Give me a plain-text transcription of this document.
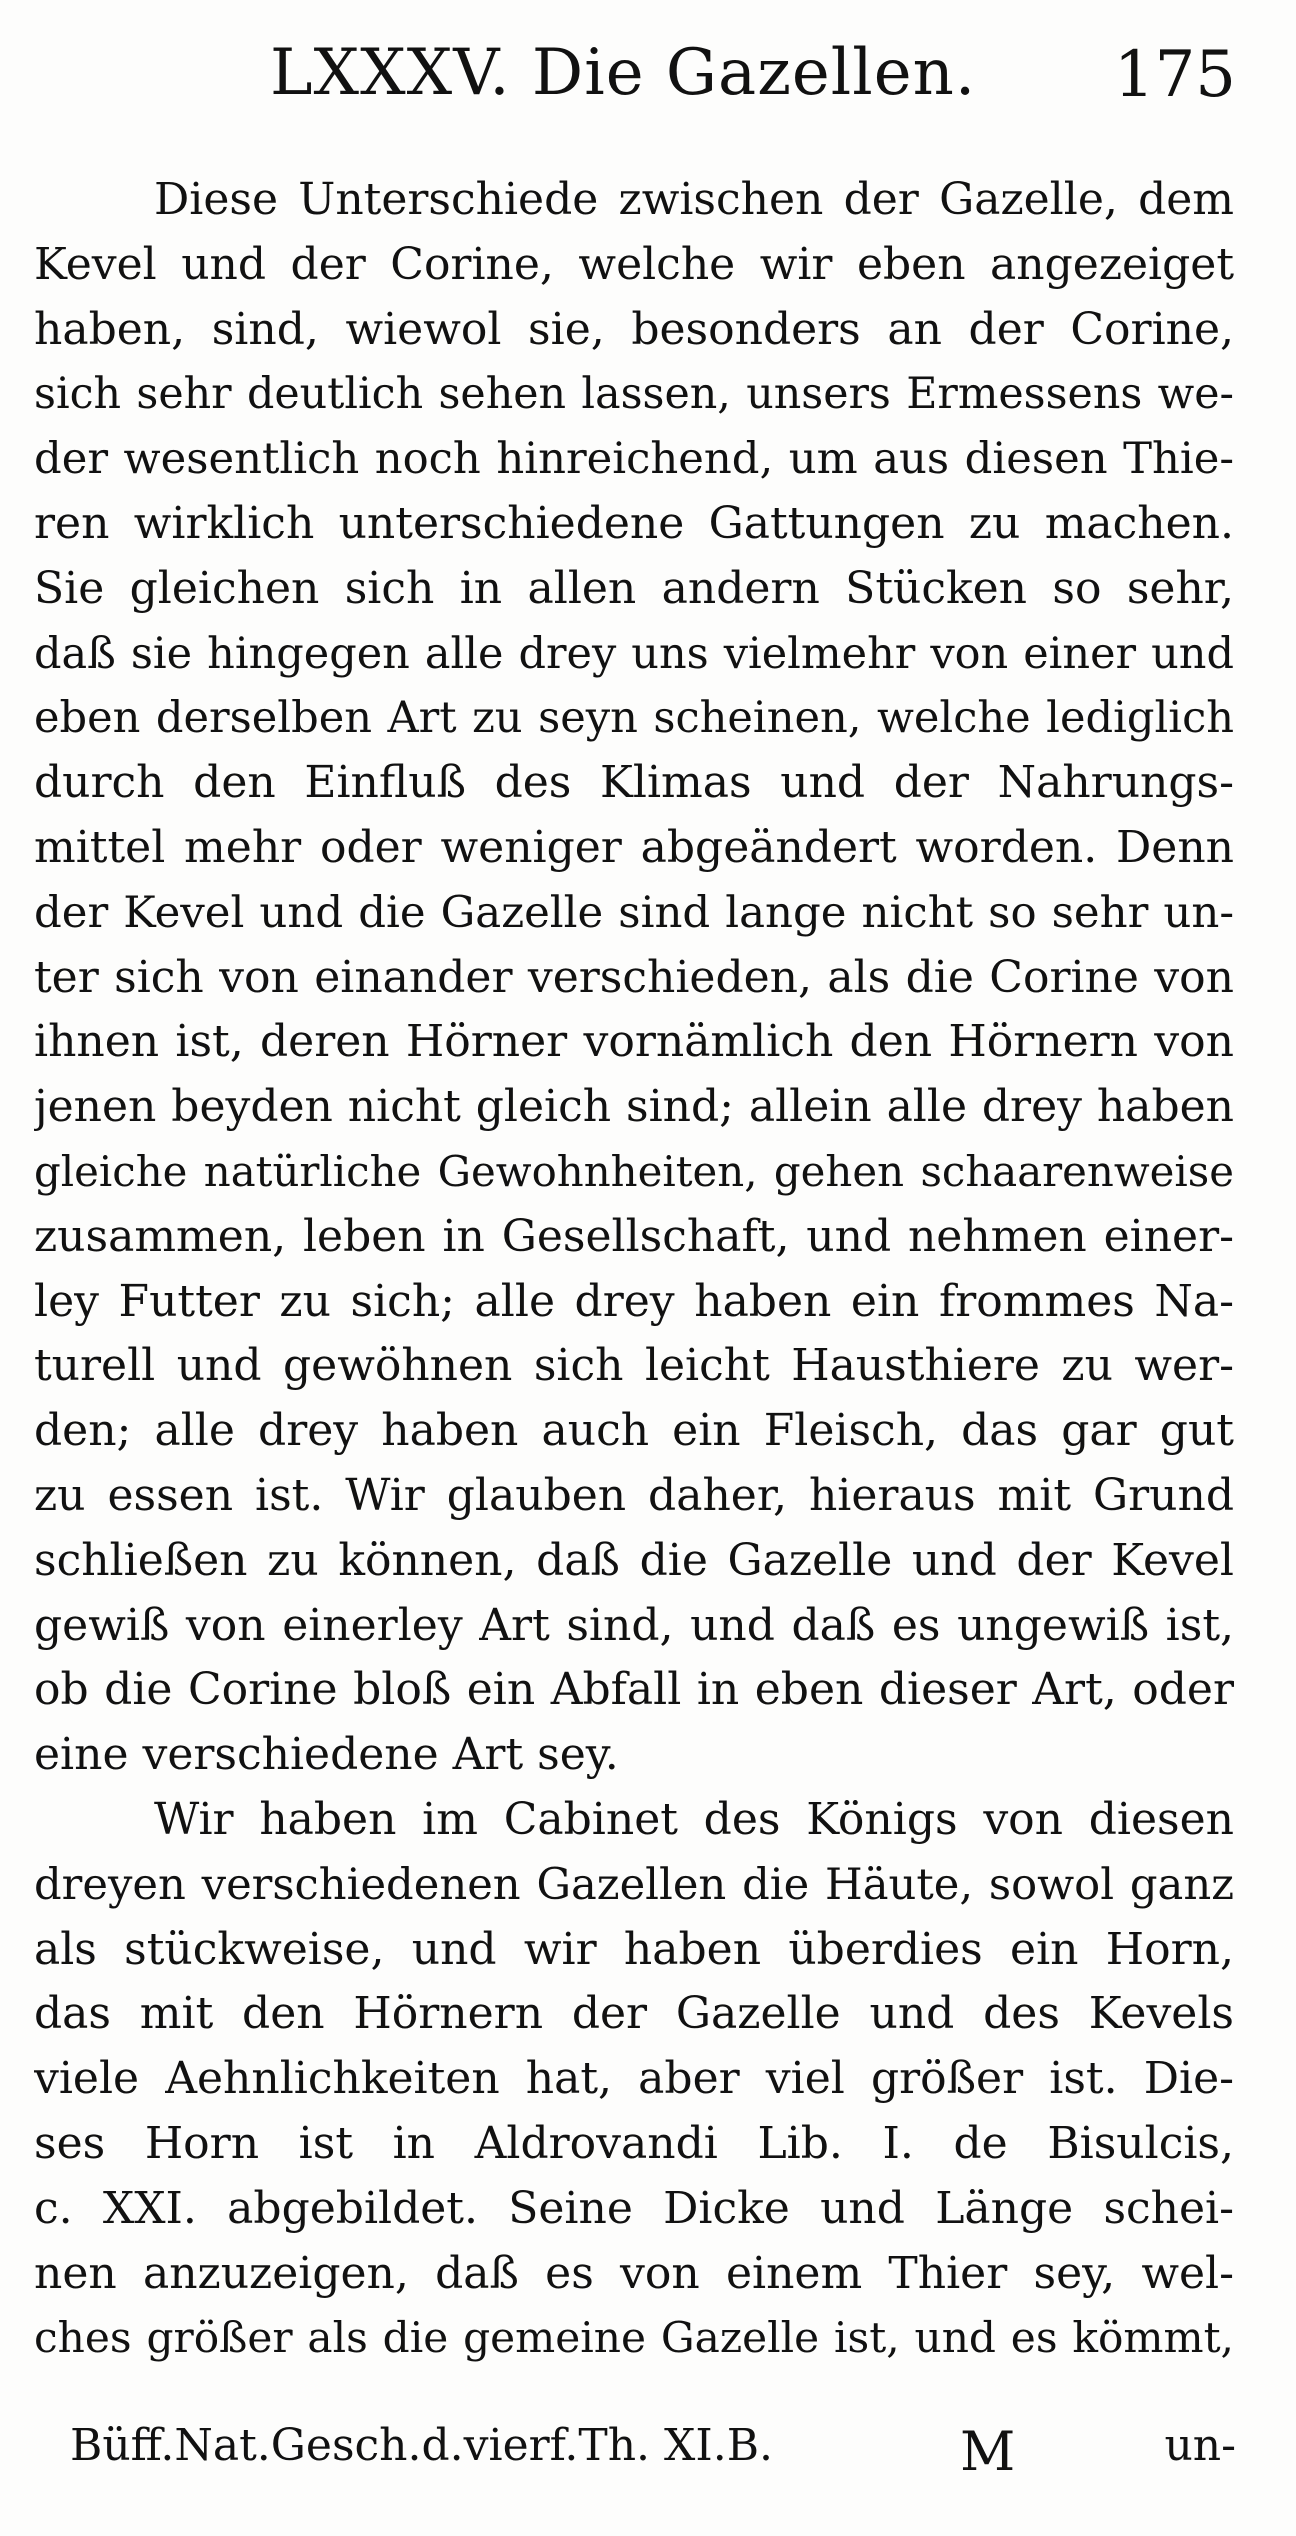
LXXXV. Die Gazellen. 175
Diese Unterschiede zwischen der Gazelle, dem
Kevel und der Corine, welche wir eben angezeiget
haben, sind, wiewol sie, besonders an der Corine,
sich sehr deutlich sehen lassen, unsers Ermessens we-
der wesentlich noch hinreichend, um aus diesen Thie-
ren wirklich unterschiedene Gattungen zu machen.
Sie gleichen sich in allen andern Stücken so sehr,
daß sie hingegen alle drey uns vielmehr von einer und
eben derselben Art zu seyn scheinen, welche lediglich
durch den Einfluß des Klimas und der Nahrungs-
mittel mehr oder weniger abgeändert worden. Denn
der Kevel und die Gazelle sind lange nicht so sehr un-
ter sich von einander verschieden, als die Corine von
ihnen ist, deren Hörner vornämlich den Hörnern von
jenen beyden nicht gleich sind; allein alle drey haben
gleiche natürliche Gewohnheiten, gehen schaarenweise
zusammen, leben in Gesellschaft, und nehmen einer-
ley Futter zu sich; alle drey haben ein frommes Na-
turell und gewöhnen sich leicht Hausthiere zu wer-
den; alle drey haben auch ein Fleisch, das gar gut
zu essen ist. Wir glauben daher, hieraus mit Grund
schließen zu können, daß die Gazelle und der Kevel
gewiß von einerley Art sind, und daß es ungewiß ist,
ob die Corine bloß ein Abfall in eben dieser Art, oder
eine verschiedene Art sey.
Wir haben im Cabinet des Königs von diesen
dreyen verschiedenen Gazellen die Häute, sowol ganz
als stückweise, und wir haben überdies ein Horn,
das mit den Hörnern der Gazelle und des Kevels
viele Aehnlichkeiten hat, aber viel größer ist. Die-
ses Horn ist in Aldrovandi Lib. I. de Bisulcis,
c. XXI. abgebildet. Seine Dicke und Länge schei-
nen anzuzeigen, daß es von einem Thier sey, wel-
ches größer als die gemeine Gazelle ist, und es kömmt,
Büff.Nat.Gesch.d.vierf.Th. XI.B.	M	un-
